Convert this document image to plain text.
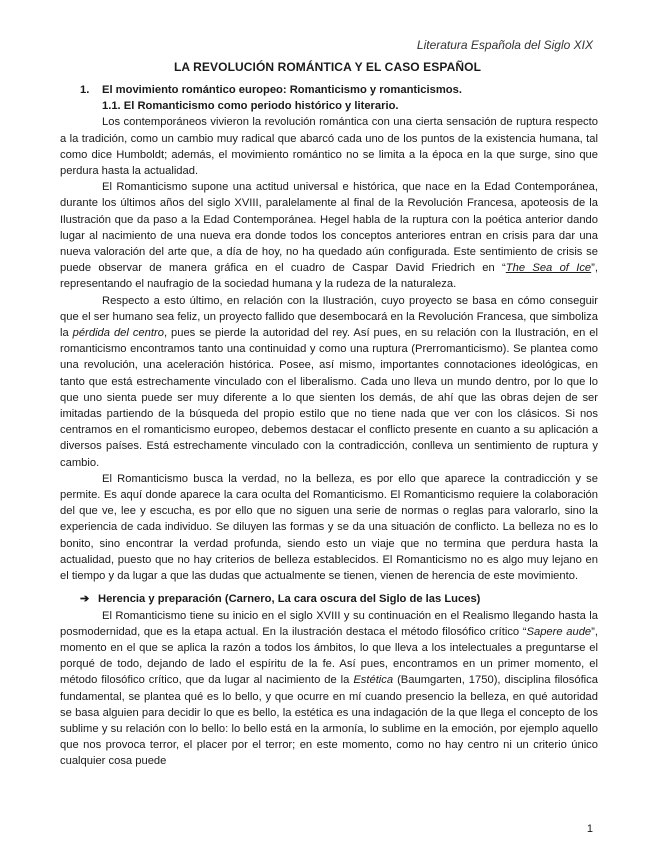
Literatura Española del Siglo XIX
LA REVOLUCIÓN ROMÁNTICA Y EL CASO ESPAÑOL
1. El movimiento romántico europeo: Romanticismo y romanticismos.
1.1. El Romanticismo como periodo histórico y literario.

Los contemporáneos vivieron la revolución romántica con una cierta sensación de ruptura respecto a la tradición, como un cambio muy radical que abarcó cada uno de los puntos de la existencia humana, tal como dice Humboldt; además, el movimiento romántico no se limita a la época en la que surge, sino que perdura hasta la actualidad.

El Romanticismo supone una actitud universal e histórica, que nace en la Edad Contemporánea, durante los últimos años del siglo XVIII, paralelamente al final de la Revolución Francesa, apoteosis de la Ilustración que da paso a la Edad Contemporánea. Hegel habla de la ruptura con la poética anterior dando lugar al nacimiento de una nueva era donde todos los conceptos anteriores entran en crisis para dar una nueva valoración del arte que, a día de hoy, no ha quedado aún configurada. Este sentimiento de crisis se puede observar de manera gráfica en el cuadro de Caspar David Friedrich en “The Sea of Ice”, representando el naufragio de la sociedad humana y la rudeza de la naturaleza.

Respecto a esto último, en relación con la Ilustración, cuyo proyecto se basa en cómo conseguir que el ser humano sea feliz, un proyecto fallido que desembocará en la Revolución Francesa, que simboliza la pérdida del centro, pues se pierde la autoridad del rey. Así pues, en su relación con la Ilustración, en el romanticismo encontramos tanto una continuidad y como una ruptura (Prerromanticismo). Se plantea como una revolución, una aceleración histórica. Posee, así mismo, importantes connotaciones ideológicas, en tanto que está estrechamente vinculado con el liberalismo. Cada uno lleva un mundo dentro, por lo que lo que uno sienta puede ser muy diferente a lo que sienten los demás, de ahí que las obras dejen de ser imitadas partiendo de la búsqueda del propio estilo que no tiene nada que ver con los clásicos. Si nos centramos en el romanticismo europeo, debemos destacar el conflicto presente en cuanto a su aplicación a diversos países. Está estrechamente vinculado con la contradicción, conlleva un sentimiento de ruptura y cambio.

El Romanticismo busca la verdad, no la belleza, es por ello que aparece la contradicción y se permite. Es aquí donde aparece la cara oculta del Romanticismo. El Romanticismo requiere la colaboración del que ve, lee y escucha, es por ello que no siguen una serie de normas o reglas para valorarlo, sino la experiencia de cada individuo. Se diluyen las formas y se da una situación de conflicto. La belleza no es lo bonito, sino encontrar la verdad profunda, siendo esto un viaje que no termina que perdura hasta la actualidad, puesto que no hay criterios de belleza establecidos. El Romanticismo no es algo muy lejano en el tiempo y da lugar a que las dudas que actualmente se tienen, vienen de herencia de este movimiento.

➔ Herencia y preparación (Carnero, La cara oscura del Siglo de las Luces)

El Romanticismo tiene su inicio en el siglo XVIII y su continuación en el Realismo llegando hasta la posmodernidad, que es la etapa actual. En la ilustración destaca el método filosófico crítico “Sapere aude”, momento en el que se aplica la razón a todos los ámbitos, lo que lleva a los intelectuales a preguntarse el porqué de todo, dejando de lado el espíritu de la fe. Así pues, encontramos en un primer momento, el método filosófico crítico, que da lugar al nacimiento de la Estética (Baumgarten, 1750), disciplina filosófica fundamental, se plantea qué es lo bello, y que ocurre en mí cuando presencio la belleza, en qué autoridad se basa alguien para decidir lo que es bello, la estética es una indagación de la que llega el concepto de los sublime y su relación con lo bello: lo bello está en la armonía, lo sublime en la emoción, por ejemplo aquello que nos provoca terror, el placer por el terror; en este momento, como no hay centro ni un criterio único cualquier cosa puede

1
